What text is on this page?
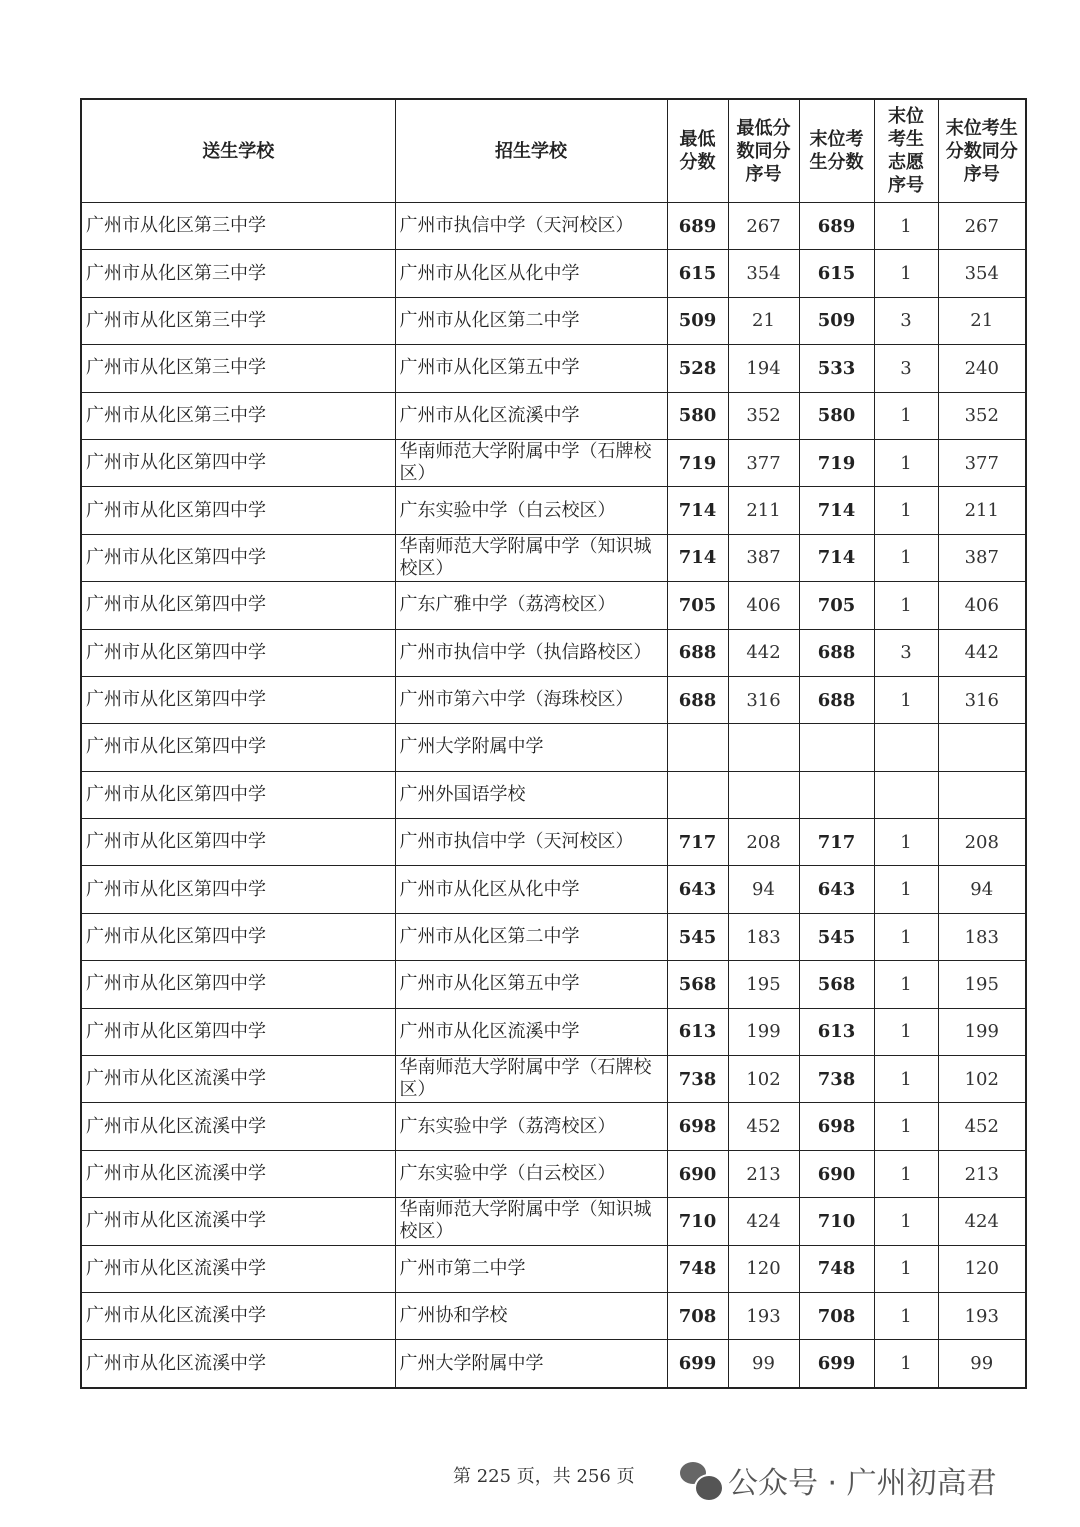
送生学校	招生学校	最低分数	最低分数同分序号	末位考生分数	末位考生志愿序号	末位考生分数同分序号

广州市从化区第三中学	广州市执信中学（天河校区）	689	267	689	1	267
广州市从化区第三中学	广州市从化区从化中学	615	354	615	1	354
广州市从化区第三中学	广州市从化区第二中学	509	21	509	3	21
广州市从化区第三中学	广州市从化区第五中学	528	194	533	3	240
广州市从化区第三中学	广州市从化区流溪中学	580	352	580	1	352
广州市从化区第四中学	华南师范大学附属中学（石牌校区）	719	377	719	1	377
广州市从化区第四中学	广东实验中学（白云校区）	714	211	714	1	211
广州市从化区第四中学	华南师范大学附属中学（知识城校区）	714	387	714	1	387
广州市从化区第四中学	广东广雅中学（荔湾校区）	705	406	705	1	406
广州市从化区第四中学	广州市执信中学（执信路校区）	688	442	688	3	442
广州市从化区第四中学	广州市第六中学（海珠校区）	688	316	688	1	316
广州市从化区第四中学	广州大学附属中学					
广州市从化区第四中学	广州外国语学校					
广州市从化区第四中学	广州市执信中学（天河校区）	717	208	717	1	208
广州市从化区第四中学	广州市从化区从化中学	643	94	643	1	94
广州市从化区第四中学	广州市从化区第二中学	545	183	545	1	183
广州市从化区第四中学	广州市从化区第五中学	568	195	568	1	195
广州市从化区第四中学	广州市从化区流溪中学	613	199	613	1	199
广州市从化区流溪中学	华南师范大学附属中学（石牌校区）	738	102	738	1	102
广州市从化区流溪中学	广东实验中学（荔湾校区）	698	452	698	1	452
广州市从化区流溪中学	广东实验中学（白云校区）	690	213	690	1	213
广州市从化区流溪中学	华南师范大学附属中学（知识城校区）	710	424	710	1	424
广州市从化区流溪中学	广州市第二中学	748	120	748	1	120
广州市从化区流溪中学	广州协和学校	708	193	708	1	193
广州市从化区流溪中学	广州大学附属中学	699	99	699	1	99
第 225 页，共 256 页	公众号 · 广州初高君
